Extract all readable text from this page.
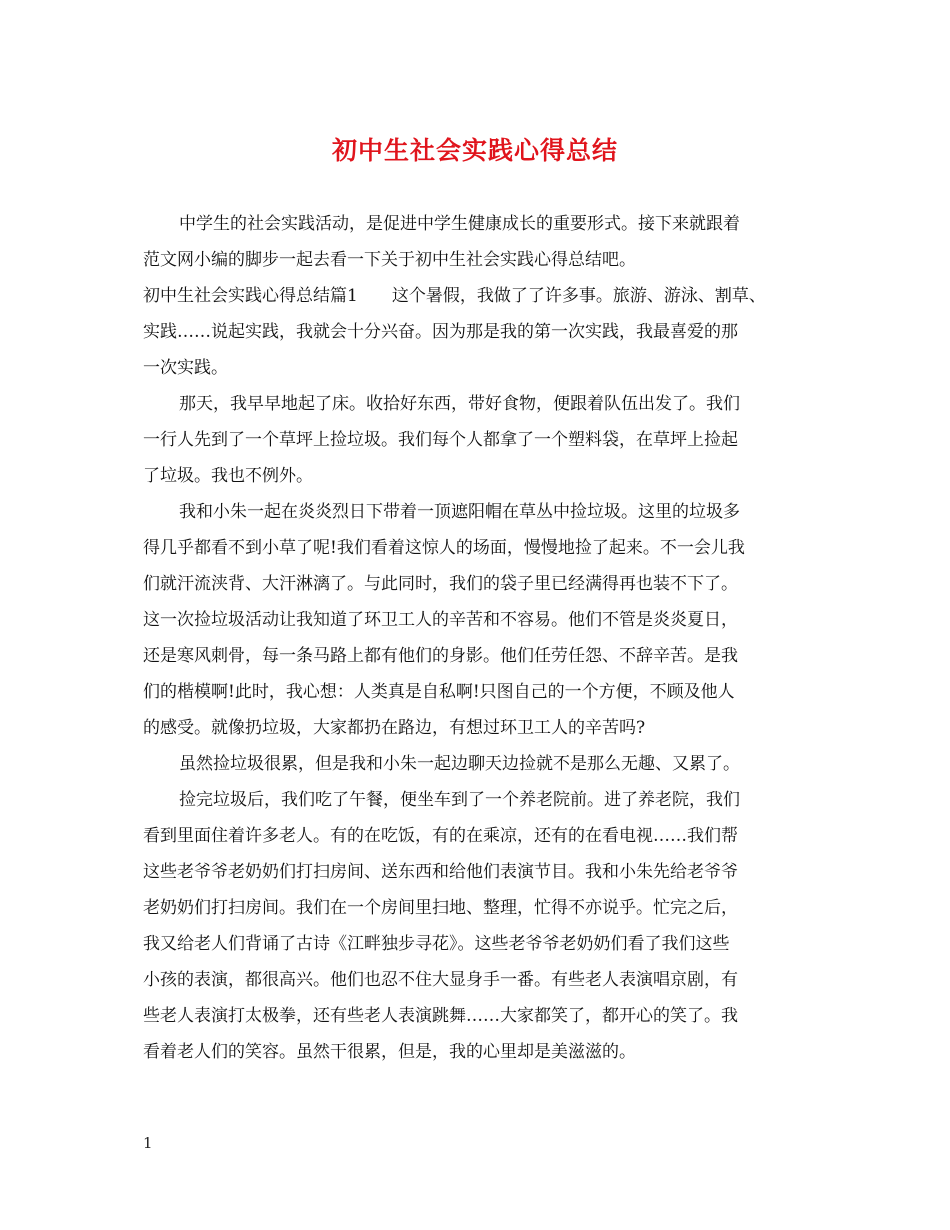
初中生社会实践心得总结
中学生的社会实践活动，是促进中学生健康成长的重要形式。接下来就跟着
范文网小编的脚步一起去看一下关于初中生社会实践心得总结吧。
初中生社会实践心得总结篇1　　这个暑假，我做了了许多事。旅游、游泳、割草、
实践……说起实践，我就会十分兴奋。因为那是我的第一次实践，我最喜爱的那
一次实践。
那天，我早早地起了床。收拾好东西，带好食物，便跟着队伍出发了。我们
一行人先到了一个草坪上捡垃圾。我们每个人都拿了一个塑料袋，在草坪上捡起
了垃圾。我也不例外。
我和小朱一起在炎炎烈日下带着一顶遮阳帽在草丛中捡垃圾。这里的垃圾多
得几乎都看不到小草了呢!我们看着这惊人的场面，慢慢地捡了起来。不一会儿我
们就汗流浃背、大汗淋漓了。与此同时，我们的袋子里已经满得再也装不下了。
这一次捡垃圾活动让我知道了环卫工人的辛苦和不容易。他们不管是炎炎夏日，
还是寒风刺骨，每一条马路上都有他们的身影。他们任劳任怨、不辞辛苦。是我
们的楷模啊!此时，我心想：人类真是自私啊!只图自己的一个方便，不顾及他人
的感受。就像扔垃圾，大家都扔在路边，有想过环卫工人的辛苦吗?
虽然捡垃圾很累，但是我和小朱一起边聊天边捡就不是那么无趣、又累了。
捡完垃圾后，我们吃了午餐，便坐车到了一个养老院前。进了养老院，我们
看到里面住着许多老人。有的在吃饭，有的在乘凉，还有的在看电视……我们帮
这些老爷爷老奶奶们打扫房间、送东西和给他们表演节目。我和小朱先给老爷爷
老奶奶们打扫房间。我们在一个房间里扫地、整理，忙得不亦说乎。忙完之后，
我又给老人们背诵了古诗《江畔独步寻花》。这些老爷爷老奶奶们看了我们这些
小孩的表演，都很高兴。他们也忍不住大显身手一番。有些老人表演唱京剧，有
些老人表演打太极拳，还有些老人表演跳舞……大家都笑了，都开心的笑了。我
看着老人们的笑容。虽然干很累，但是，我的心里却是美滋滋的。
1
